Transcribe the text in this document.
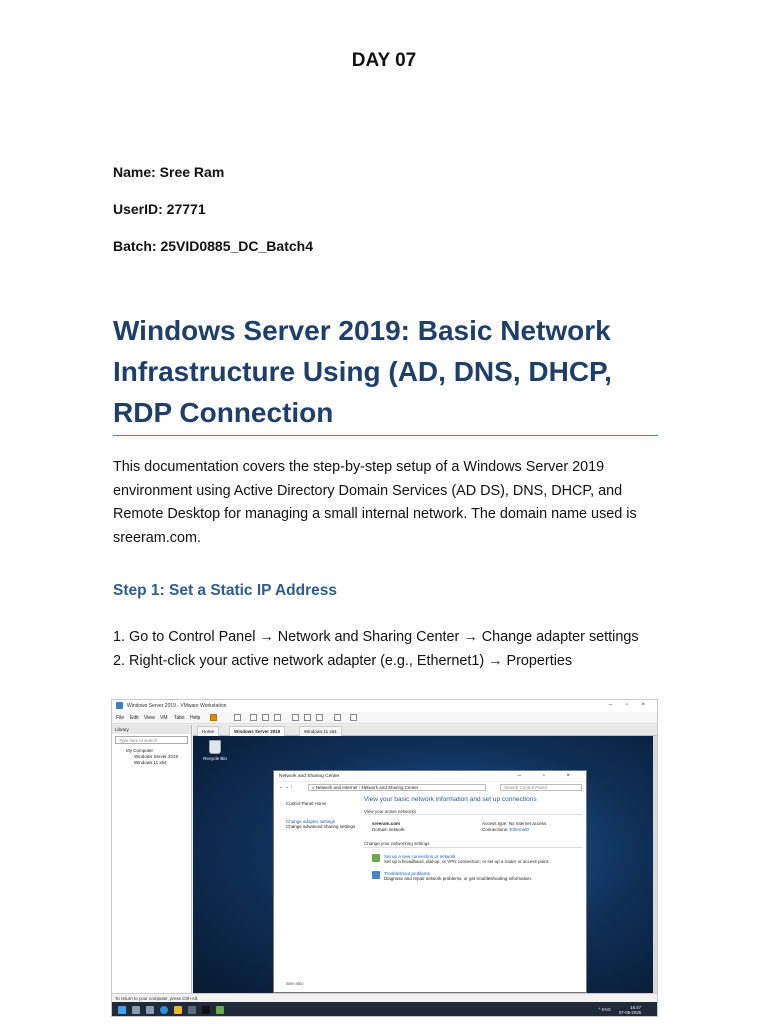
DAY 07
Name: Sree Ram
UserID: 27771
Batch: 25VID0885_DC_Batch4
Windows Server 2019: Basic Network Infrastructure Using (AD, DNS, DHCP, RDP Connection
This documentation covers the step-by-step setup of a Windows Server 2019 environment using Active Directory Domain Services (AD DS), DNS, DHCP, and Remote Desktop for managing a small internal network. The domain name used is sreeram.com.
Step 1: Set a Static IP Address
1. Go to Control Panel → Network and Sharing Center → Change adapter settings
2. Right-click your active network adapter (e.g., Ethernet1) → Properties
Windows Server 2019 - VMware Workstation	– ▫ ×
File Edit View VM Tabs Help
Library
Type here to search
My Computer
Windows Server 2019
Windows 11 x64
Home	Windows Server 2019	Windows 11 x64
Recycle Bin
Network and Sharing Center	– ▫ ×
← → ↑	« Network and Internet › Network and Sharing Center	Search Control Panel
Control Panel Home
Change adapter settings
Change advanced sharing settings
View your basic network information and set up connections
View your active networks
sreeram.com
Domain network
Access type: No Internet access
Connections: Ethernet0
Change your networking settings
Set up a new connection or network
Set up a broadband, dial-up, or VPN connection; or set up a router or access point.
Troubleshoot problems
Diagnose and repair network problems, or get troubleshooting information.
See also
To return to your computer, press Ctrl+Alt.
^ ENG	16:47
07-05-2025
